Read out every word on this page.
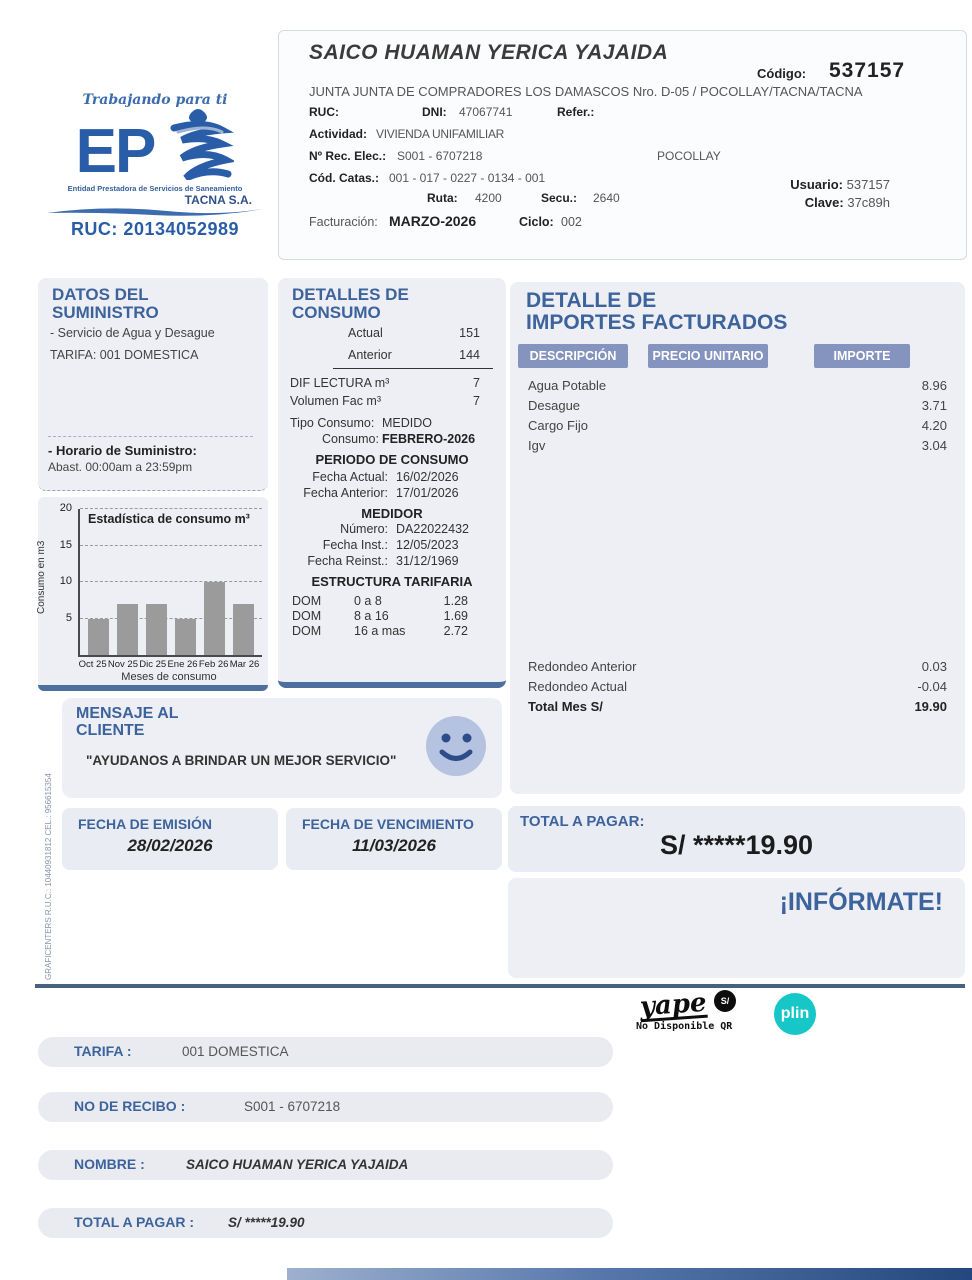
Trabajando para ti
EP
Entidad Prestadora de Servicios de Saneamiento
TACNA S.A.
RUC: 20134052989
SAICO HUAMAN YERICA YAJAIDA
Código: 537157
JUNTA JUNTA DE COMPRADORES LOS DAMASCOS Nro. D-05 / POCOLLAY/TACNA/TACNA
RUC:	DNI: 47067741	Refer.:
Actividad: VIVIENDA UNIFAMILIAR
Nº Rec. Elec.: S001 - 6707218	POCOLLAY
Cód. Catas.: 001 - 017 - 0227 - 0134 - 001
Ruta: 4200	Secu.: 2640
Usuario: 537157
Clave: 37c89h
Facturación: MARZO-2026	Ciclo: 002
DATOS DEL
SUMINISTRO
- Servicio de Agua y Desague
TARIFA: 001 DOMESTICA
- Horario de Suministro:
Abast. 00:00am a 23:59pm
Consumo en m3
5
10
15
20
Estadística de consumo m³
Oct 25 Nov 25 Dic 25 Ene 26 Feb 26 Mar 26
Meses de consumo
DETALLES DE
CONSUMO
Actual	151
Anterior	144
DIF LECTURA m³	7
Volumen Fac m³	7
Tipo Consumo: MEDIDO
Consumo: FEBRERO-2026
PERIODO DE CONSUMO
Fecha Actual: 16/02/2026
Fecha Anterior: 17/01/2026
MEDIDOR
Número: DA22022432
Fecha Inst.: 12/05/2023
Fecha Reinst.: 31/12/1969
ESTRUCTURA TARIFARIA
DOM	0 a 8	1.28
DOM	8 a 16	1.69
DOM	16 a mas	2.72
DETALLE DE
IMPORTES FACTURADOS
DESCRIPCIÓN	PRECIO UNITARIO	IMPORTE
Agua Potable	8.96
Desague	3.71
Cargo Fijo	4.20
Igv	3.04
Redondeo Anterior	0.03
Redondeo Actual	-0.04
Total Mes S/	19.90
MENSAJE AL
CLIENTE
"AYUDANOS A BRINDAR UN MEJOR SERVICIO"
FECHA DE EMISIÓN
28/02/2026
FECHA DE VENCIMIENTO
11/03/2026
TOTAL A PAGAR:
S/ *****19.90
¡INFÓRMATE!
yape	S/
No Disponible QR
plin
TARIFA :	001 DOMESTICA
NO DE RECIBO :	S001 - 6707218
NOMBRE :	SAICO HUAMAN YERICA YAJAIDA
TOTAL A PAGAR :	S/ *****19.90
GRAFICENTERS R.U.C.: 10440931812 CEL.: 956615354
